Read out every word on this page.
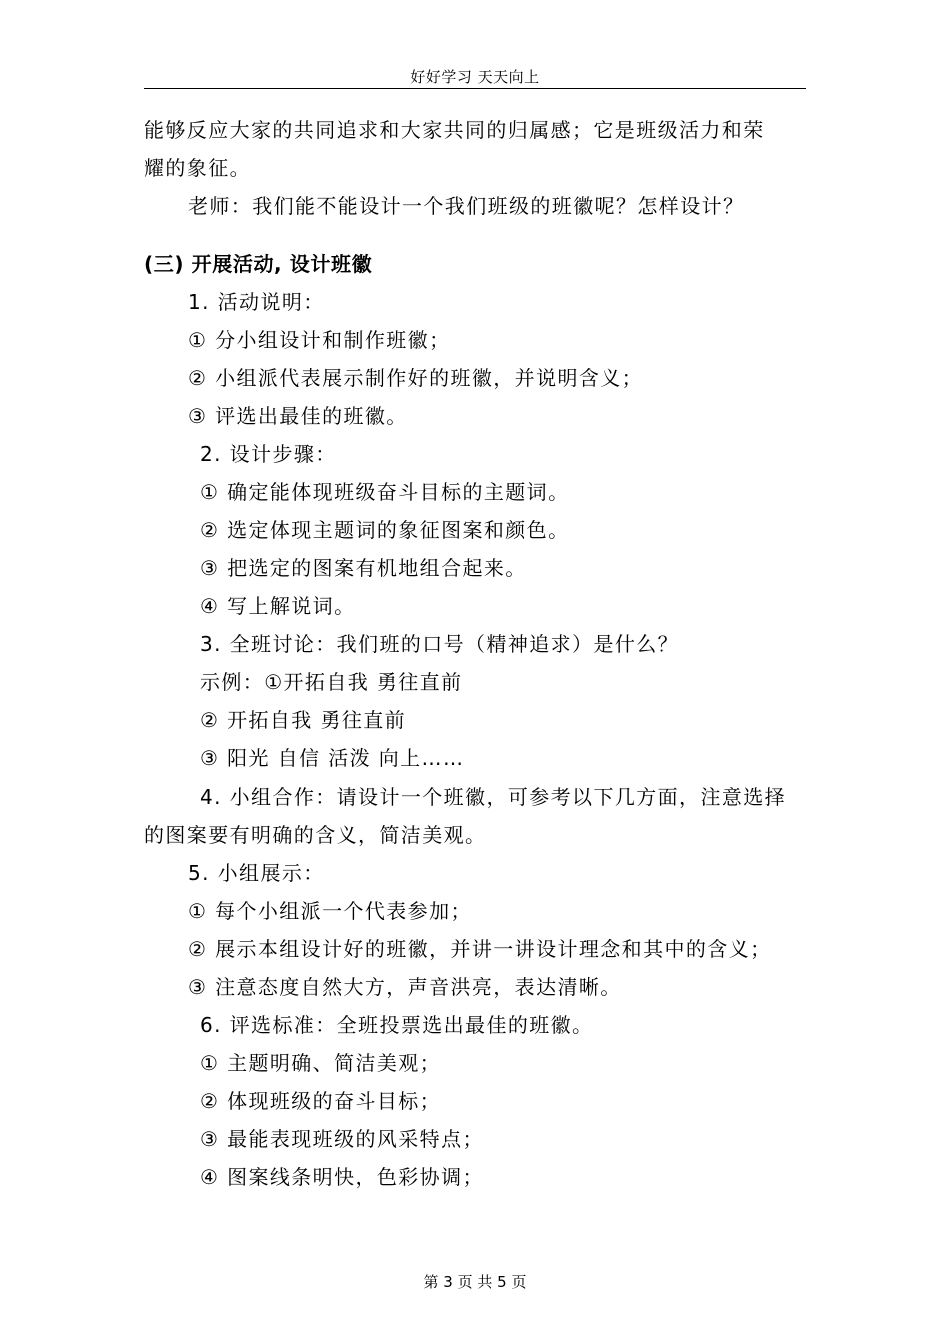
好好学习 天天向上
能够反应大家的共同追求和大家共同的归属感；它是班级活力和荣
耀的象征。
老师：我们能不能设计一个我们班级的班徽呢？怎样设计？
(三) 开展活动, 设计班徽
1. 活动说明：
① 分小组设计和制作班徽；
② 小组派代表展示制作好的班徽，并说明含义；
③ 评选出最佳的班徽。
2. 设计步骤：
① 确定能体现班级奋斗目标的主题词。
② 选定体现主题词的象征图案和颜色。
③ 把选定的图案有机地组合起来。
④ 写上解说词。
3. 全班讨论：我们班的口号（精神追求）是什么？
示例：①开拓自我 勇往直前
② 开拓自我 勇往直前
③ 阳光 自信 活泼 向上……
4. 小组合作：请设计一个班徽，可参考以下几方面，注意选择
的图案要有明确的含义，简洁美观。
5. 小组展示：
① 每个小组派一个代表参加；
② 展示本组设计好的班徽，并讲一讲设计理念和其中的含义；
③ 注意态度自然大方，声音洪亮，表达清晰。
6. 评选标准：全班投票选出最佳的班徽。
① 主题明确、简洁美观；
② 体现班级的奋斗目标；
③ 最能表现班级的风采特点；
④ 图案线条明快，色彩协调；
第 3 页 共 5 页
